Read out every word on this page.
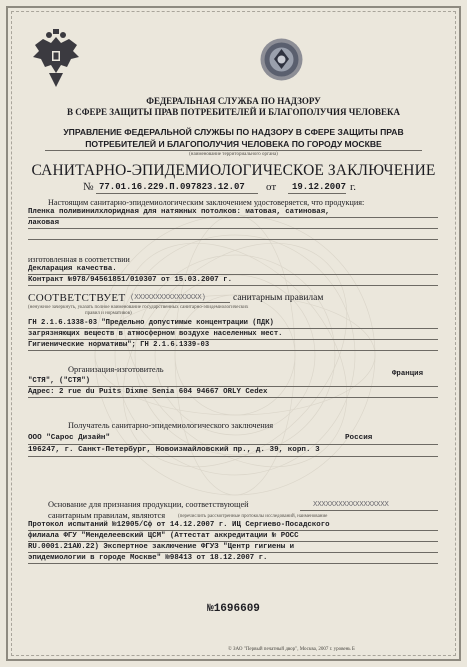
ФЕДЕРАЛЬНАЯ СЛУЖБА ПО НАДЗОРУ
В СФЕРЕ ЗАЩИТЫ ПРАВ ПОТРЕБИТЕЛЕЙ И БЛАГОПОЛУЧИЯ ЧЕЛОВЕКА
УПРАВЛЕНИЕ ФЕДЕРАЛЬНОЙ СЛУЖБЫ ПО НАДЗОРУ В СФЕРЕ ЗАЩИТЫ ПРАВ
ПОТРЕБИТЕЛЕЙ И БЛАГОПОЛУЧИЯ ЧЕЛОВЕКА ПО ГОРОДУ МОСКВЕ
(наименование территориального органа)
САНИТАРНО-ЭПИДЕМИОЛОГИЧЕСКОЕ ЗАКЛЮЧЕНИЕ
№ 77.01.16.229.П.097823.12.07 от 19.12.2007 г.
Настоящим санитарно-эпидемиологическим заключением удостоверяется, что продукция:
Пленка поливинилхлоридная для натяжных потолков: матовая, сатиновая,
лаковая
изготовленная в соответствии
Декларация качества.
Контракт №978/94561851/010307 от 15.03.2007 г.
СООТВЕТСТВУЕТ (XXXXXXXXXXXXXXXX)	санитарным правилам
(ненужное зачеркнуть, указать полное наименование государственных санитарно-эпидемиологических
правил и нормативов)
ГН 2.1.6.1338-03 "Предельно допустимые концентрации (ПДК)
загрязняющих веществ в атмосферном воздухе населенных мест.
Гигиенические нормативы"; ГН 2.1.6.1339-03
Организация-изготовитель
"СТЯ", ("СТЯ")
Франция
Адрес: 2 rue du Puits Dixme Senia 604 94667 ORLY Cedex
Получатель санитарно-эпидемиологического заключения
ООО "Сарос Дизайн"	Россия
196247, г. Санкт-Петербург, Новоизмайловский пр., д. 39, корп. 3
Основание для признания продукции, соответствующей	XXXXXXXXXXXXXXXXXX
санитарным правилам, являются	(перечислить рассмотренные протоколы исследований, наименование
Протокол испытаний №12905/Сф от 14.12.2007 г. ИЦ Сергиево-Посадского
филиала ФГУ "Менделеевский ЦСМ" (Аттестат аккредитации № РОСС
RU.0001.21АЮ.22) Экспертное заключение ФГУЗ "Центр гигиены и
эпидемиологии в городе Москве" №98413 от 18.12.2007 г.
№1696609
© ЗАО "Первый печатный двор", Москва, 2007 г. уровень Б
